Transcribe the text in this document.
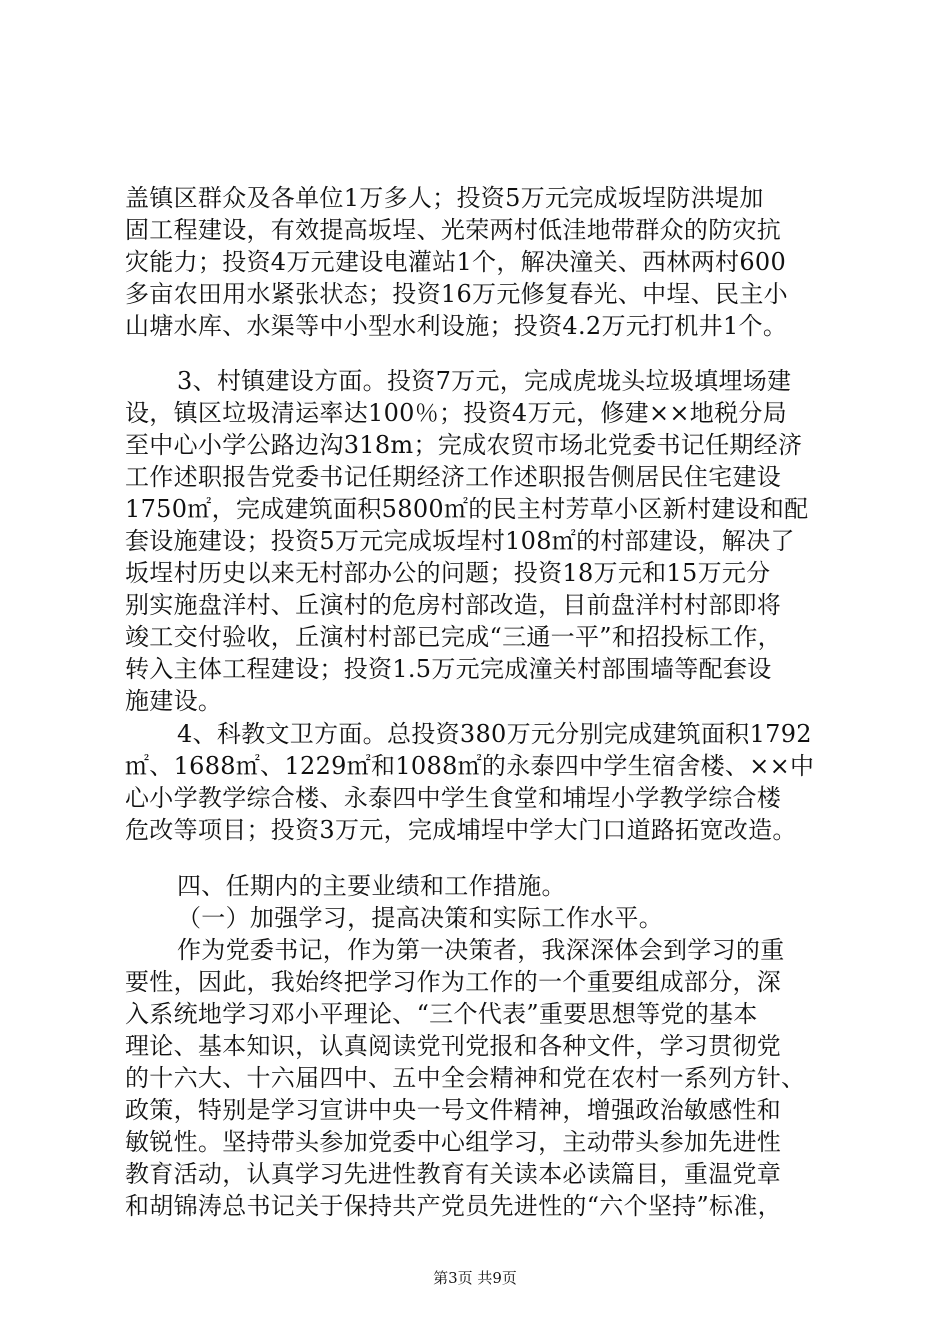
盖镇区群众及各单位1万多人；投资5万元完成坂埕防洪堤加
固工程建设，有效提高坂埕、光荣两村低洼地带群众的防灾抗
灾能力；投资4万元建设电灌站1个，解决潼关、西林两村600
多亩农田用水紧张状态；投资16万元修复春光、中埕、民主小
山塘水库、水渠等中小型水利设施；投资4.2万元打机井1个。
3、村镇建设方面。投资7万元，完成虎垅头垃圾填埋场建
设，镇区垃圾清运率达100％；投资4万元，修建××地税分局
至中心小学公路边沟318m；完成农贸市场北党委书记任期经济
工作述职报告党委书记任期经济工作述职报告侧居民住宅建设
1750㎡，完成建筑面积5800㎡的民主村芳草小区新村建设和配
套设施建设；投资5万元完成坂埕村108㎡的村部建设，解决了
坂埕村历史以来无村部办公的问题；投资18万元和15万元分
别实施盘洋村、丘演村的危房村部改造，目前盘洋村村部即将
竣工交付验收，丘演村村部已完成“三通一平”和招投标工作，
转入主体工程建设；投资1.5万元完成潼关村部围墙等配套设
施建设。
4、科教文卫方面。总投资380万元分别完成建筑面积1792
㎡、1688㎡、1229㎡和1088㎡的永泰四中学生宿舍楼、××中
心小学教学综合楼、永泰四中学生食堂和埔埕小学教学综合楼
危改等项目；投资3万元，完成埔埕中学大门口道路拓宽改造。
四、任期内的主要业绩和工作措施。
（一）加强学习，提高决策和实际工作水平。
作为党委书记，作为第一决策者，我深深体会到学习的重
要性，因此，我始终把学习作为工作的一个重要组成部分，深
入系统地学习邓小平理论、“三个代表”重要思想等党的基本
理论、基本知识，认真阅读党刊党报和各种文件，学习贯彻党
的十六大、十六届四中、五中全会精神和党在农村一系列方针、
政策，特别是学习宣讲中央一号文件精神，增强政治敏感性和
敏锐性。坚持带头参加党委中心组学习，主动带头参加先进性
教育活动，认真学习先进性教育有关读本必读篇目，重温党章
和胡锦涛总书记关于保持共产党员先进性的“六个坚持”标准，
第3页 共9页
